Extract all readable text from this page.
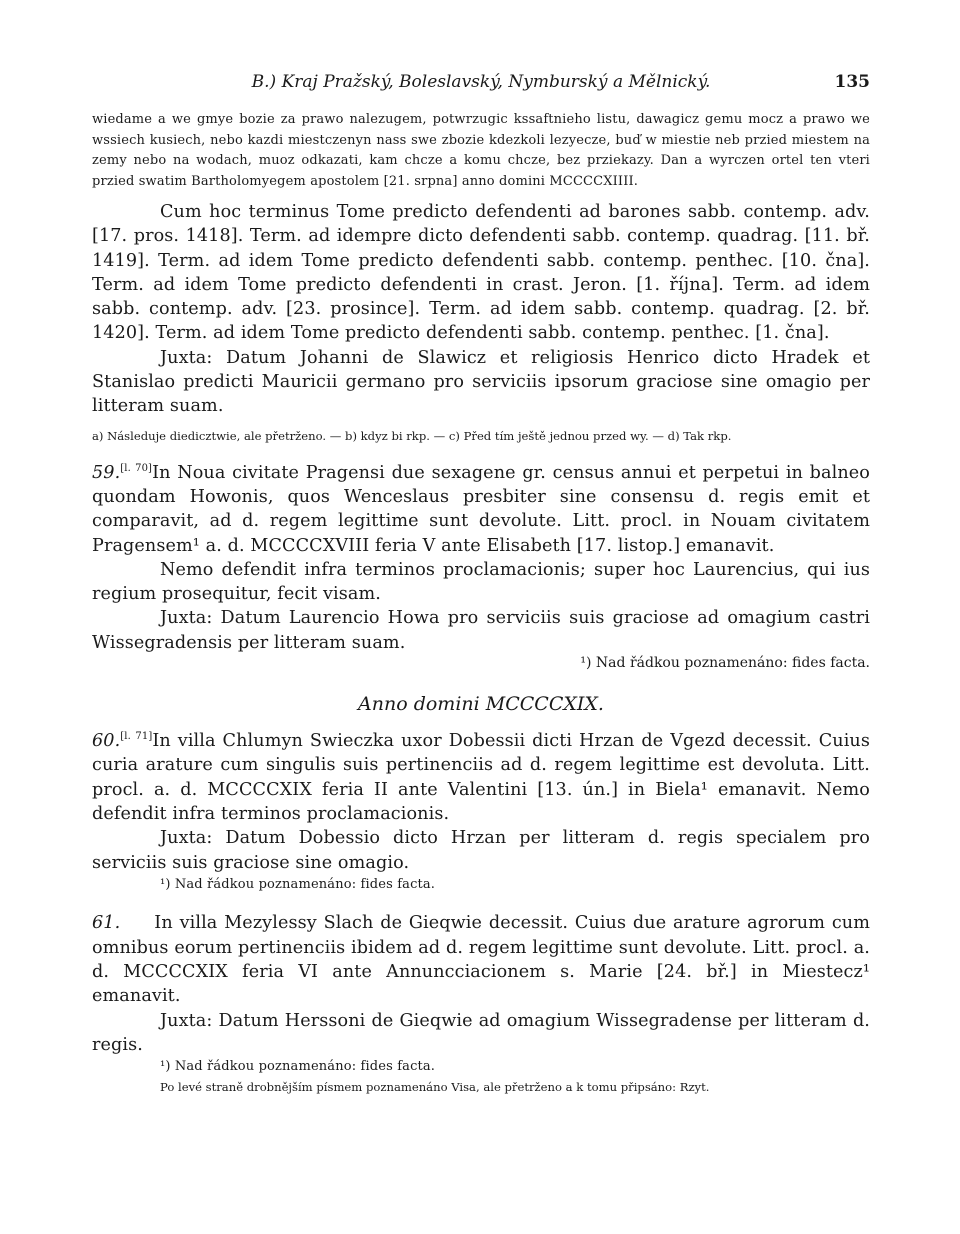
B.) Kraj Pražský, Boleslavský, Nymburský a Mělnický.	135

wiedame a we gmye bozie za prawo nalezugem, potwrzugic kssaftnieho listu, dawagicz gemu mocz a prawo we wssiech kusiech, nebo kazdi miestczenyn nass swe zbozie kdezkoli lezyecze, buď w miestie neb przied miestem na zemy nebo na wodach, muoz odkazati, kam chcze a komu chcze, bez prziekazy. Dan a wyrczen ortel ten vteri przied swatim Bartholomyegem apostolem [21. srpna] anno domini MCCCCXIIII.

Cum hoc terminus Tome predicto defendenti ad barones sabb. contemp. adv. [17. pros. 1418]. Term. ad idempre dicto defendenti sabb. contemp. quadrag. [11. bř. 1419]. Term. ad idem Tome predicto defendenti sabb. contemp. penthec. [10. čna]. Term. ad idem Tome predicto defendenti in crast. Jeron. [1. října]. Term. ad idem sabb. contemp. adv. [23. prosince]. Term. ad idem sabb. contemp. quadrag. [2. bř. 1420]. Term. ad idem Tome predicto defendenti sabb. contemp. penthec. [1. čna].

Juxta: Datum Johanni de Slawicz et religiosis Henrico dicto Hradek et Stanislao predicti Mauricii germano pro serviciis ipsorum graciose sine omagio per litteram suam.

a) Následuje diedicztwie, ale přetrženo. — b) kdyz bi rkp. — c) Před tím ještě jednou przed wy. — d) Tak rkp.

59.[l. 70]In Noua civitate Pragensi due sexagene gr. census annui et perpetui in balneo quondam Howonis, quos Wenceslaus presbiter sine consensu d. regis emit et comparavit, ad d. regem legittime sunt devolute. Litt. procl. in Nouam civitatem Pragensem¹ a. d. MCCCCXVIII feria V ante Elisabeth [17. listop.] emanavit.

Nemo defendit infra terminos proclamacionis; super hoc Laurencius, qui ius regium prosequitur, fecit visam.

Juxta: Datum Laurencio Howa pro serviciis suis graciose ad omagium castri Wissegradensis per litteram suam.

¹) Nad řádkou poznamenáno: fides facta.

Anno domini MCCCCXIX.

60.[l. 71]In villa Chlumyn Swieczka uxor Dobessii dicti Hrzan de Vgezd decessit. Cuius curia arature cum singulis suis pertinenciis ad d. regem legittime est devoluta. Litt. procl. a. d. MCCCCXIX feria II ante Valentini [13. ún.] in Biela¹ emanavit. Nemo defendit infra terminos proclamacionis.

Juxta: Datum Dobessio dicto Hrzan per litteram d. regis specialem pro serviciis suis graciose sine omagio.

¹) Nad řádkou poznamenáno: fides facta.

61. In villa Mezylessy Slach de Gieqwie decessit. Cuius due arature agrorum cum omnibus eorum pertinenciis ibidem ad d. regem legittime sunt devolute. Litt. procl. a. d. MCCCCXIX feria VI ante Annuncciacionem s. Marie [24. bř.] in Miestecz¹ emanavit.

Juxta: Datum Herssoni de Gieqwie ad omagium Wissegradense per litteram d. regis.

¹) Nad řádkou poznamenáno: fides facta.

Po levé straně drobnějším písmem poznamenáno Visa, ale přetrženo a k tomu připsáno: Rzyt.
